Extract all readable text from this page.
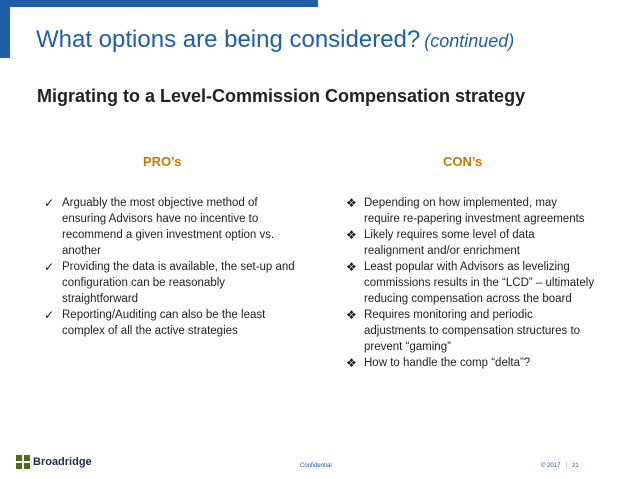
What options are being considered? (continued)
Migrating to a Level-Commission Compensation strategy
PRO’s	CON’s
✓ Arguably the most objective method of ensuring Advisors have no incentive to recommend a given investment option vs. another
✓ Providing the data is available, the set-up and configuration can be reasonably straightforward
✓ Reporting/Auditing can also be the least complex of all the active strategies
❖ Depending on how implemented, may require re-papering investment agreements
❖ Likely requires some level of data realignment and/or enrichment
❖ Least popular with Advisors as levelizing commissions results in the “LCD” – ultimately reducing compensation across the board
❖ Requires monitoring and periodic adjustments to compensation structures to prevent “gaming”
❖ How to handle the comp “delta”?
Broadridge	Confidential	© 2017 | 21
